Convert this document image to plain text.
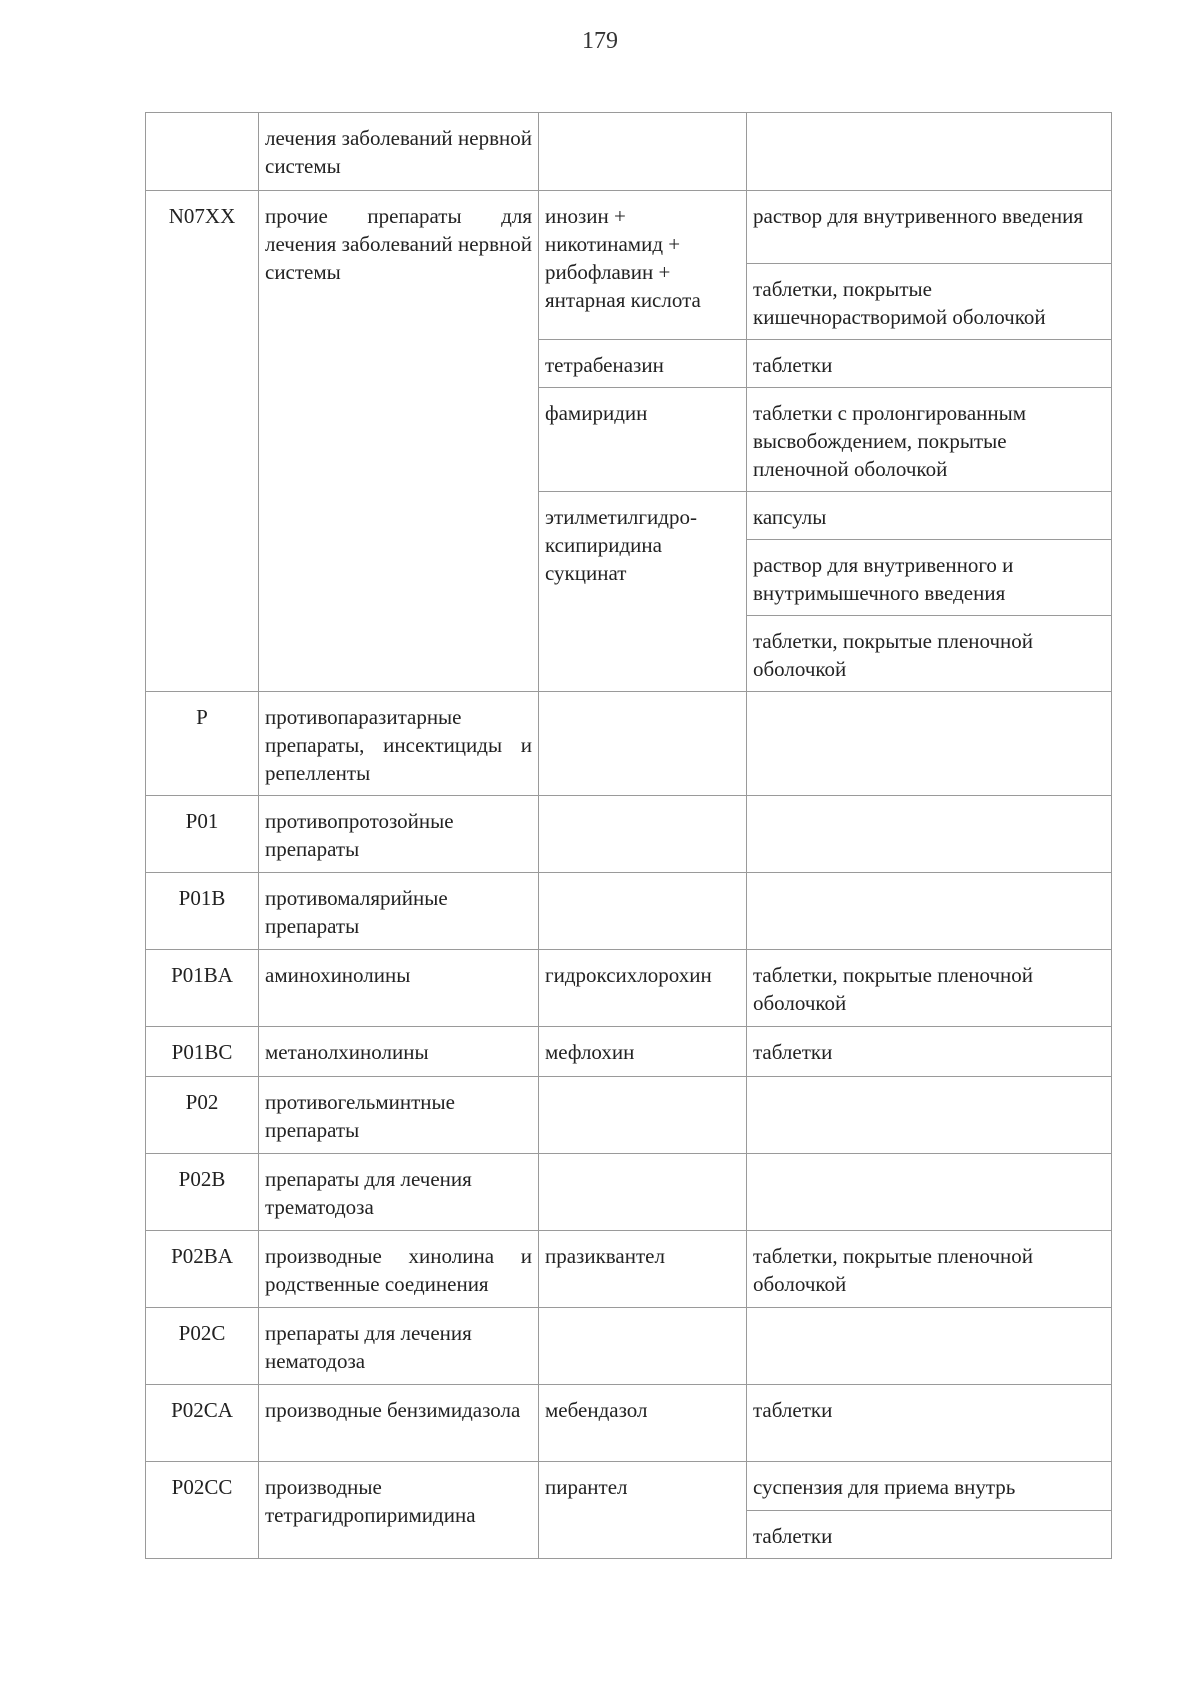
179
	лечения заболеваний нервной системы		
N07XX	прочие препараты для лечения заболеваний нервной системы	инозин + никотинамид + рибофлавин + янтарная кислота	раствор для внутривенного введения
			таблетки, покрытые кишечнорастворимой оболочкой
		тетрабеназин	таблетки
		фамиридин	таблетки с пролонгированным высвобождением, покрытые пленочной оболочкой
		этилметилгидро-ксипиридина сукцинат	капсулы
			раствор для внутривенного и внутримышечного введения
			таблетки, покрытые пленочной оболочкой
P	противопаразитарные препараты, инсектициды и репелленты		
P01	противопротозойные препараты		
P01B	противомалярийные препараты		
P01BA	аминохинолины	гидроксихлорохин	таблетки, покрытые пленочной оболочкой
P01BC	метанолхинолины	мефлохин	таблетки
P02	противогельминтные препараты		
P02B	препараты для лечения трематодоза		
P02BA	производные хинолина и родственные соединения	празиквантел	таблетки, покрытые пленочной оболочкой
P02C	препараты для лечения нематодоза		
P02CA	производные бензимидазола	мебендазол	таблетки
P02CC	производные тетрагидропиримидина	пирантел	суспензия для приема внутрь
			таблетки
